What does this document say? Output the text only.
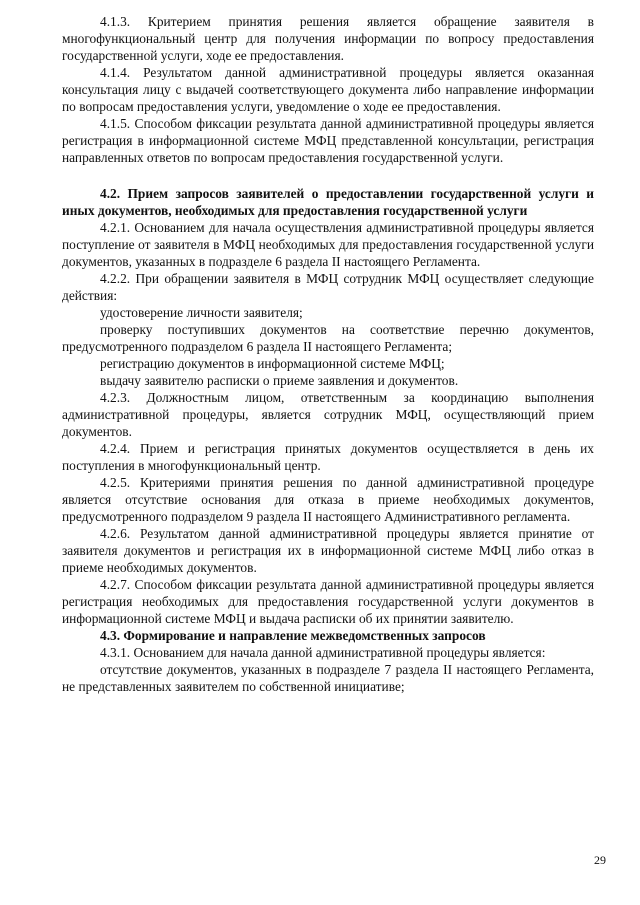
4.1.3. Критерием принятия решения является обращение заявителя в многофункциональный центр для получения информации по вопросу предоставления государственной услуги, ходе ее предоставления.

4.1.4. Результатом данной административной процедуры является оказанная консультация лицу с выдачей соответствующего документа либо направление информации по вопросам предоставления услуги, уведомление о ходе ее предоставления.

4.1.5. Способом фиксации результата данной административной процедуры является регистрация в информационной системе МФЦ представленной консультации, регистрация направленных ответов по вопросам предоставления государственной услуги.

4.2. Прием запросов заявителей о предоставлении государственной услуги и иных документов, необходимых для предоставления государственной услуги

4.2.1. Основанием для начала осуществления административной процедуры является поступление от заявителя в МФЦ необходимых для предоставления государственной услуги документов, указанных в подразделе 6 раздела II настоящего Регламента.

4.2.2. При обращении заявителя в МФЦ сотрудник МФЦ осуществляет следующие действия:

удостоверение личности заявителя;

проверку поступивших документов на соответствие перечню документов, предусмотренного подразделом 6 раздела II настоящего Регламента;

регистрацию документов в информационной системе МФЦ;

выдачу заявителю расписки о приеме заявления и документов.

4.2.3. Должностным лицом, ответственным за координацию выполнения административной процедуры, является сотрудник МФЦ, осуществляющий прием документов.

4.2.4. Прием и регистрация принятых документов осуществляется в день их поступления в многофункциональный центр.

4.2.5. Критериями принятия решения по данной административной процедуре является отсутствие основания для отказа в приеме необходимых документов, предусмотренного подразделом 9 раздела II настоящего Административного регламента.

4.2.6. Результатом данной административной процедуры является принятие от заявителя документов и регистрация их в информационной системе МФЦ либо отказ в приеме необходимых документов.

4.2.7. Способом фиксации результата данной административной процедуры является регистрация необходимых для предоставления государственной услуги документов в информационной системе МФЦ и выдача расписки об их принятии заявителю.

4.3. Формирование и направление межведомственных запросов

4.3.1. Основанием для начала данной административной процедуры является:

отсутствие документов, указанных в подразделе 7 раздела II настоящего Регламента, не представленных заявителем по собственной инициативе;

29
